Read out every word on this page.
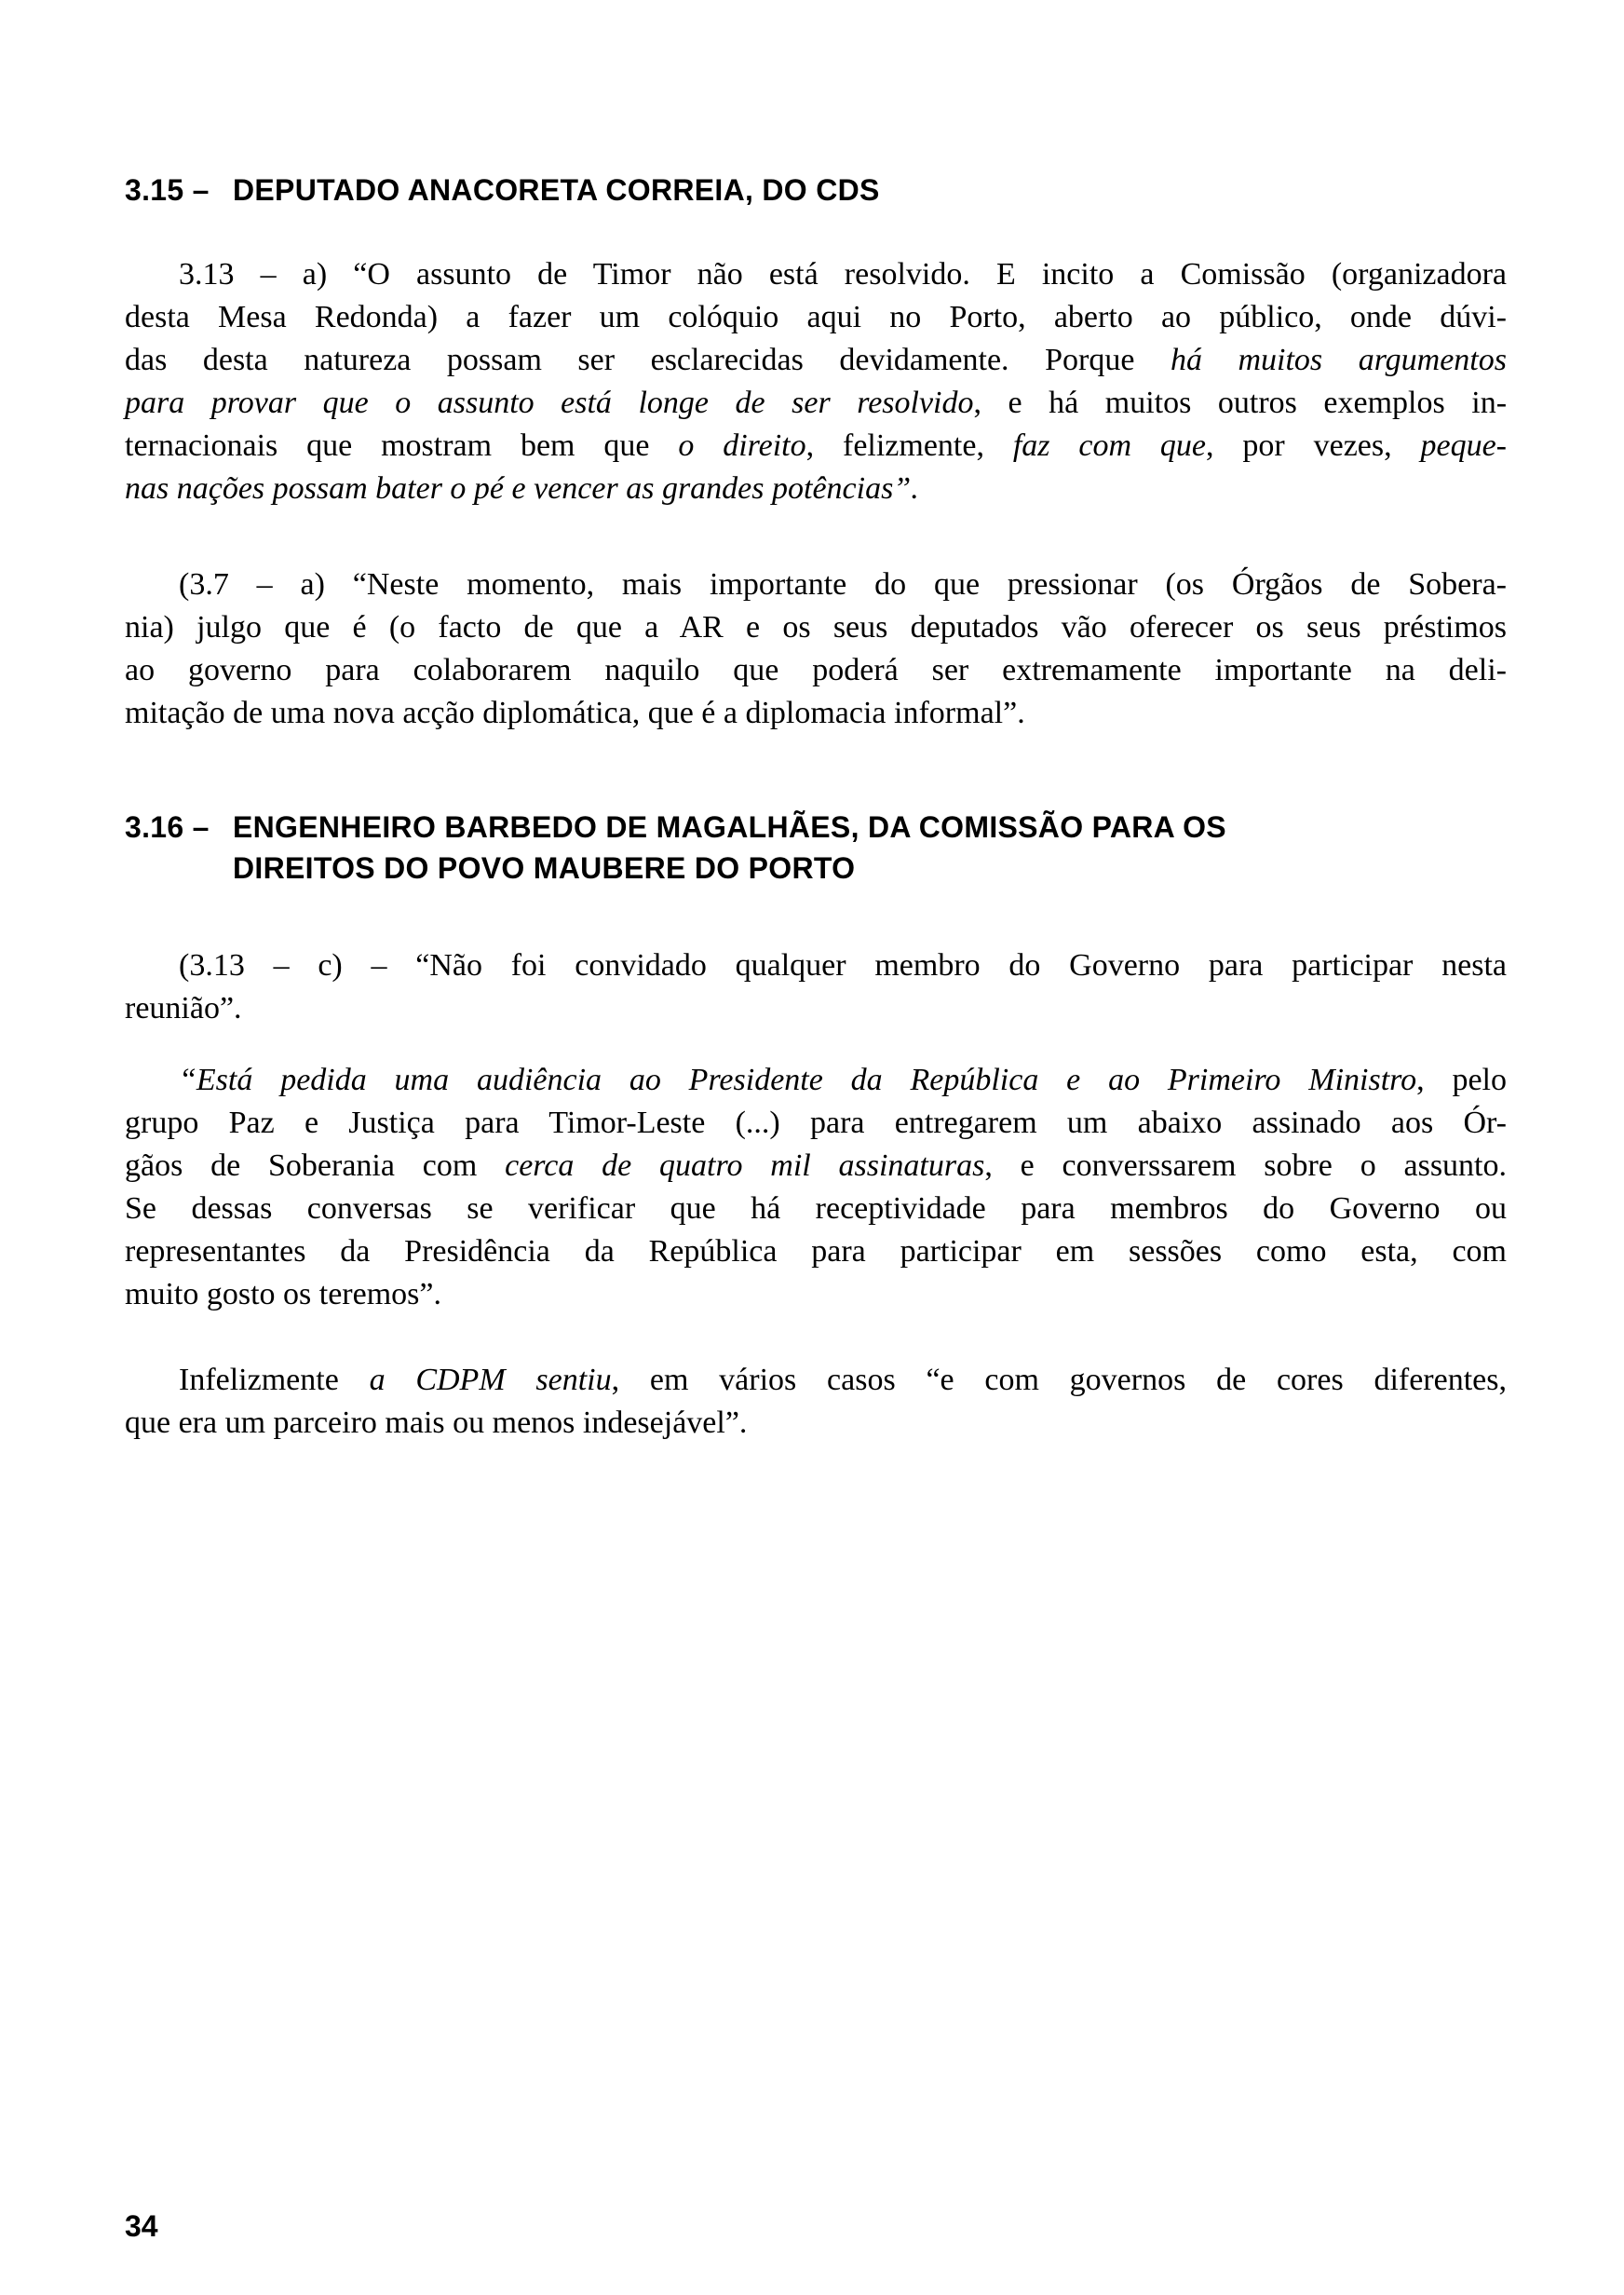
3.15 – DEPUTADO ANACORETA CORREIA, DO CDS
3.13 – a) “O assunto de Timor não está resolvido. E incito a Comissão (organizadora
desta Mesa Redonda) a fazer um colóquio aqui no Porto, aberto ao público, onde dúvi-
das desta natureza possam ser esclarecidas devidamente. Porque há muitos argumentos
para provar que o assunto está longe de ser resolvido, e há muitos outros exemplos in-
ternacionais que mostram bem que o direito, felizmente, faz com que, por vezes, peque-
nas nações possam bater o pé e vencer as grandes potências”.
(3.7 – a) “Neste momento, mais importante do que pressionar (os Órgãos de Sobera-
nia) julgo que é (o facto de que a AR e os seus deputados vão oferecer os seus préstimos
ao governo para colaborarem naquilo que poderá ser extremamente importante na deli-
mitação de uma nova acção diplomática, que é a diplomacia informal”.
3.16 – ENGENHEIRO BARBEDO DE MAGALHÃES, DA COMISSÃO PARA OS
DIREITOS DO POVO MAUBERE DO PORTO
(3.13 – c) – “Não foi convidado qualquer membro do Governo para participar nesta
reunião”.
“Está pedida uma audiência ao Presidente da República e ao Primeiro Ministro, pelo
grupo Paz e Justiça para Timor-Leste (...) para entregarem um abaixo assinado aos Ór-
gãos de Soberania com cerca de quatro mil assinaturas, e converssarem sobre o assunto.
Se dessas conversas se verificar que há receptividade para membros do Governo ou
representantes da Presidência da República para participar em sessões como esta, com
muito gosto os teremos”.
Infelizmente a CDPM sentiu, em vários casos “e com governos de cores diferentes,
que era um parceiro mais ou menos indesejável”.
34
